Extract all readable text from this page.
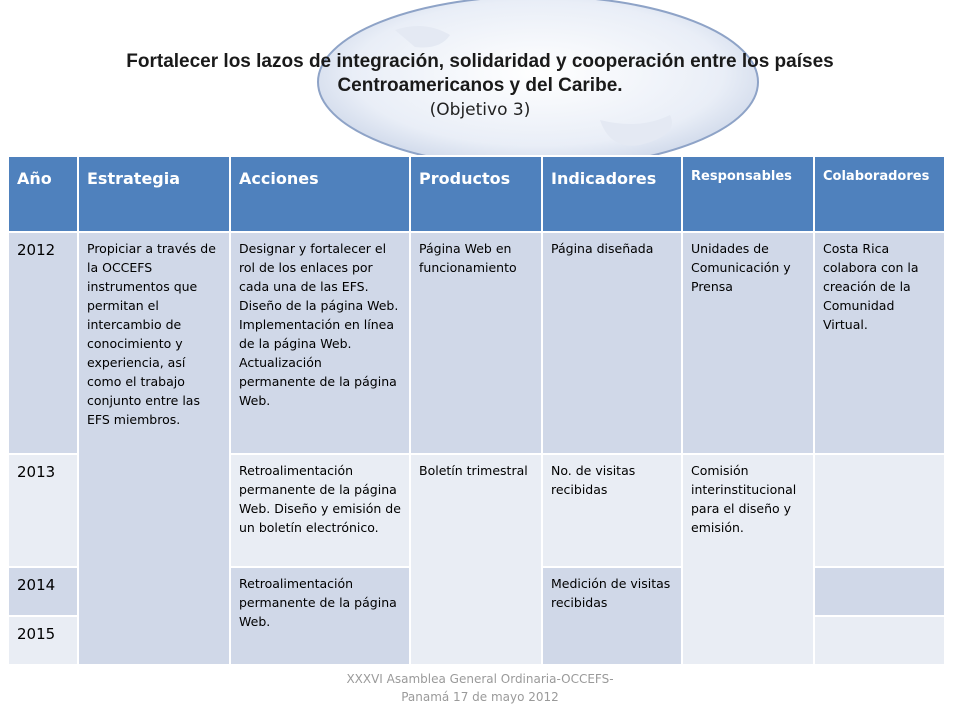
Fortalecer los lazos de integración, solidaridad y cooperación entre los países
Centroamericanos y del Caribe.
(Objetivo 3)
Año	Estrategia	Acciones	Productos	Indicadores	Responsables	Colaboradores
2012	Propiciar a través de la OCCEFS instrumentos que permitan el intercambio de conocimiento y experiencia, así como el trabajo conjunto entre las EFS miembros.	Designar y fortalecer el rol de los enlaces por cada una de las EFS. Diseño de la página Web. Implementación en línea de la página Web. Actualización permanente de la página Web.	Página Web en funcionamiento	Página diseñada	Unidades de Comunicación y Prensa	Costa Rica colabora con la creación de la Comunidad Virtual.
2013		Retroalimentación permanente de la página Web. Diseño y emisión de un boletín electrónico.	Boletín trimestral	No. de visitas recibidas	Comisión interinstitucional para el diseño y emisión.	
2014		Retroalimentación permanente de la página Web.		Medición de visitas recibidas		
2015						
XXXVI Asamblea General Ordinaria-OCCEFS-
Panamá 17 de mayo 2012
